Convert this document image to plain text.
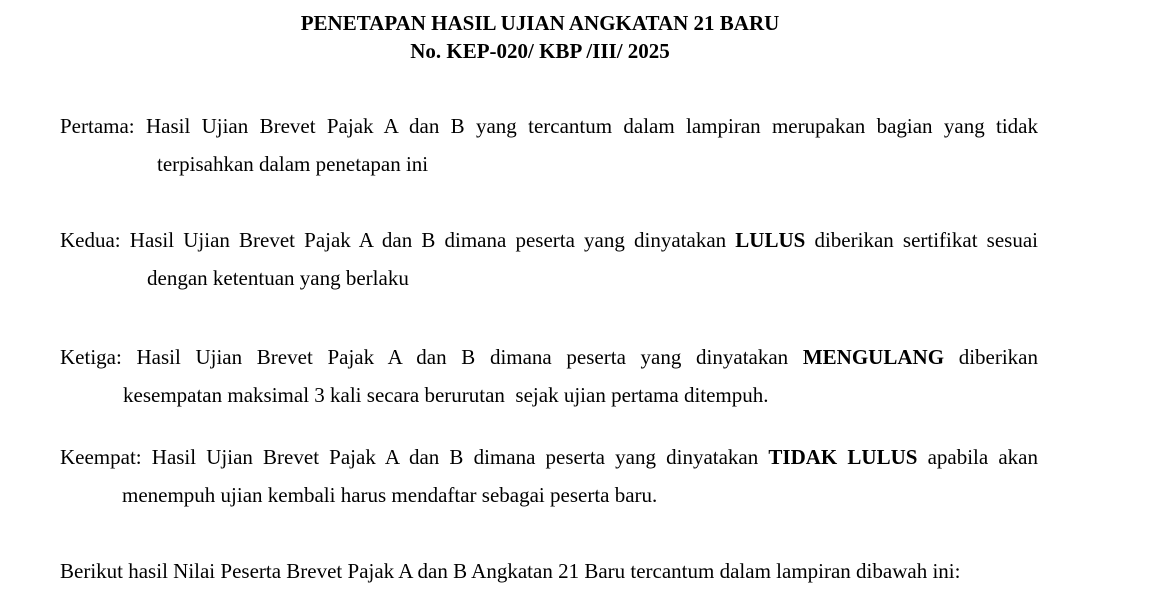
PENETAPAN HASIL UJIAN ANGKATAN 21 BARU
No. KEP-020/ KBP /III/ 2025
Pertama: Hasil Ujian Brevet Pajak A dan B yang tercantum dalam lampiran merupakan bagian yang tidak
terpisahkan dalam penetapan ini
Kedua: Hasil Ujian Brevet Pajak A dan B dimana peserta yang dinyatakan LULUS diberikan sertifikat sesuai
dengan ketentuan yang berlaku
Ketiga: Hasil Ujian Brevet Pajak A dan B dimana peserta yang dinyatakan MENGULANG diberikan
kesempatan maksimal 3 kali secara berurutan  sejak ujian pertama ditempuh.
Keempat: Hasil Ujian Brevet Pajak A dan B dimana peserta yang dinyatakan TIDAK LULUS apabila akan
menempuh ujian kembali harus mendaftar sebagai peserta baru.
Berikut hasil Nilai Peserta Brevet Pajak A dan B Angkatan 21 Baru tercantum dalam lampiran dibawah ini:
